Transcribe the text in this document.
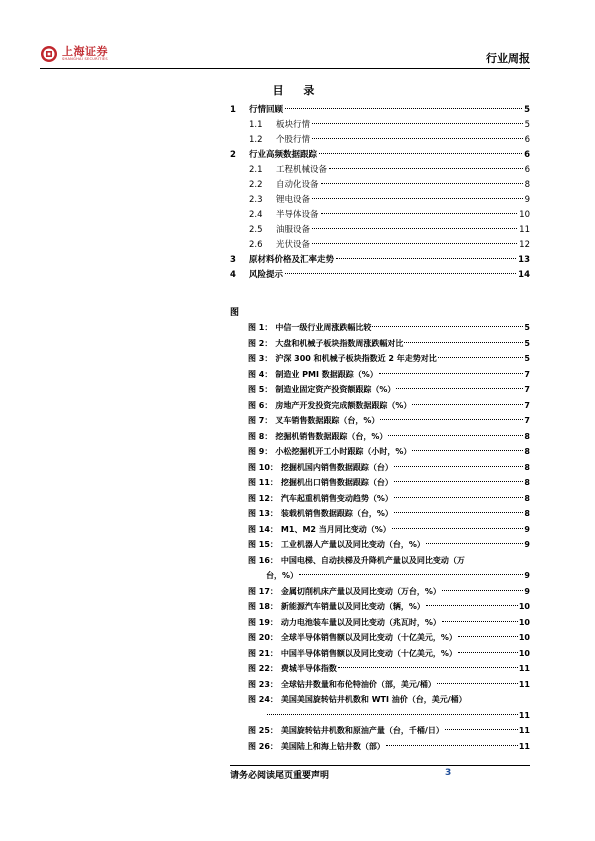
上海证券
SHANGHAI SECURITIES	行业周报
目 录
1	行情回顾	5
1.1	板块行情	5
1.2	个股行情	6
2	行业高频数据跟踪	6
2.1	工程机械设备	6
2.2	自动化设备	8
2.3	锂电设备	9
2.4	半导体设备	10
2.5	油服设备	11
2.6	光伏设备	12
3	原材料价格及汇率走势	13
4	风险提示	14
图
图 1： 中信一级行业周涨跌幅比较	5
图 2： 大盘和机械子板块指数周涨跌幅对比	5
图 3： 沪深 300 和机械子板块指数近 2 年走势对比	5
图 4： 制造业 PMI 数据跟踪（%）	7
图 5： 制造业固定资产投资额跟踪（%）	7
图 6： 房地产开发投资完成额数据跟踪（%）	7
图 7： 叉车销售数据跟踪（台，%）	7
图 8： 挖掘机销售数据跟踪（台，%）	8
图 9： 小松挖掘机开工小时跟踪（小时，%）	8
图 10： 挖掘机国内销售数据跟踪（台）	8
图 11： 挖掘机出口销售数据跟踪（台）	8
图 12： 汽车起重机销售变动趋势（%）	8
图 13： 装载机销售数据跟踪（台，%）	8
图 14： M1、M2 当月同比变动（%）	9
图 15： 工业机器人产量以及同比变动（台，%）	9
图 16： 中国电梯、自动扶梯及升降机产量以及同比变动（万
台，%）	9
图 17： 金属切削机床产量以及同比变动（万台，%）	9
图 18： 新能源汽车销量以及同比变动（辆，%）	10
图 19： 动力电池装车量以及同比变动（兆瓦时，%）	10
图 20： 全球半导体销售额以及同比变动（十亿美元，%）	10
图 21： 中国半导体销售额以及同比变动（十亿美元，%）	10
图 22： 费城半导体指数	11
图 23： 全球钻井数量和布伦特油价（部，美元/桶）	11
图 24： 美国美国旋转钻井机数和 WTI 油价（台，美元/桶）
11
图 25： 美国旋转钻井机数和原油产量（台，千桶/日）	11
图 26： 美国陆上和海上钻井数（部）	11
请务必阅读尾页重要声明	3
